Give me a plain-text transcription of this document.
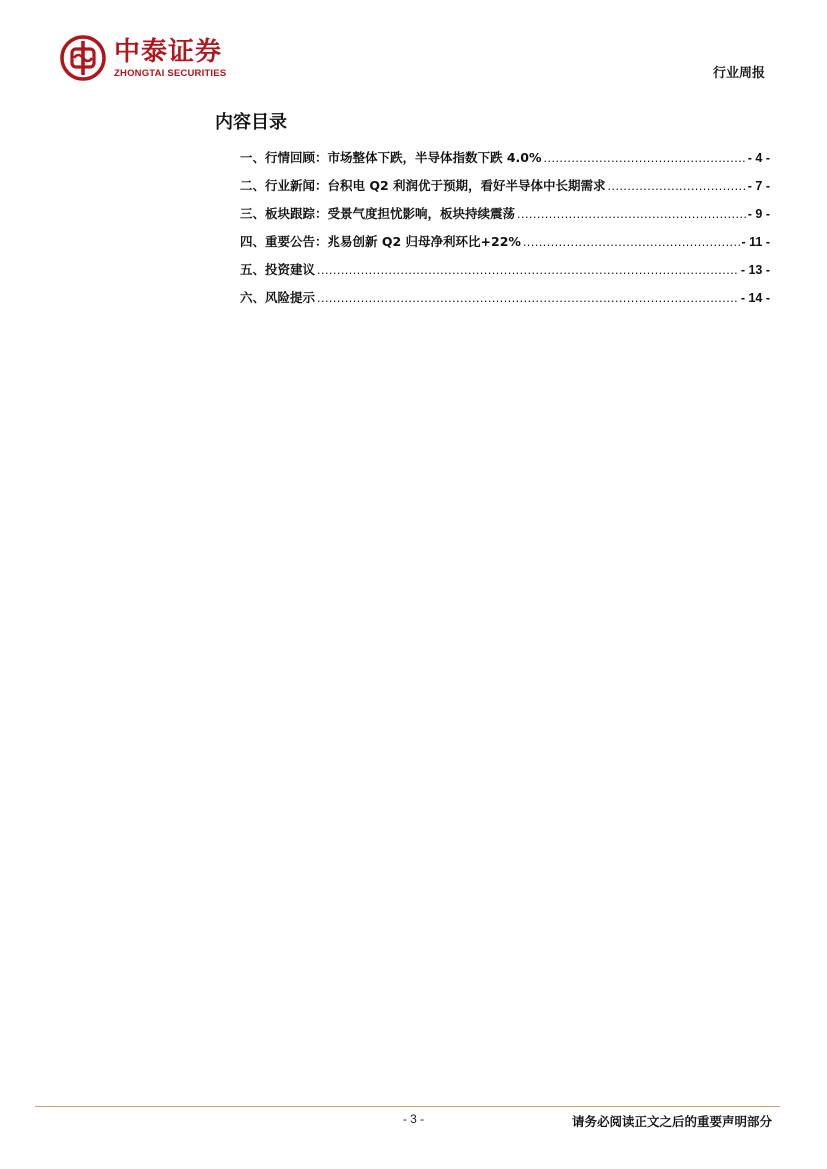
中泰证券
ZHONGTAI SECURITIES	行业周报
内容目录
一、行情回顾：市场整体下跌，半导体指数下跌 4.0% .....	- 4 -
二、行业新闻：台积电 Q2 利润优于预期，看好半导体中长期需求 .....	- 7 -
三、板块跟踪：受景气度担忧影响，板块持续震荡 .....	- 9 -
四、重要公告：兆易创新 Q2 归母净利环比+22% .....	- 11 -
五、投资建议 .....	- 13 -
六、风险提示 .....	- 14 -
- 3 -	请务必阅读正文之后的重要声明部分
